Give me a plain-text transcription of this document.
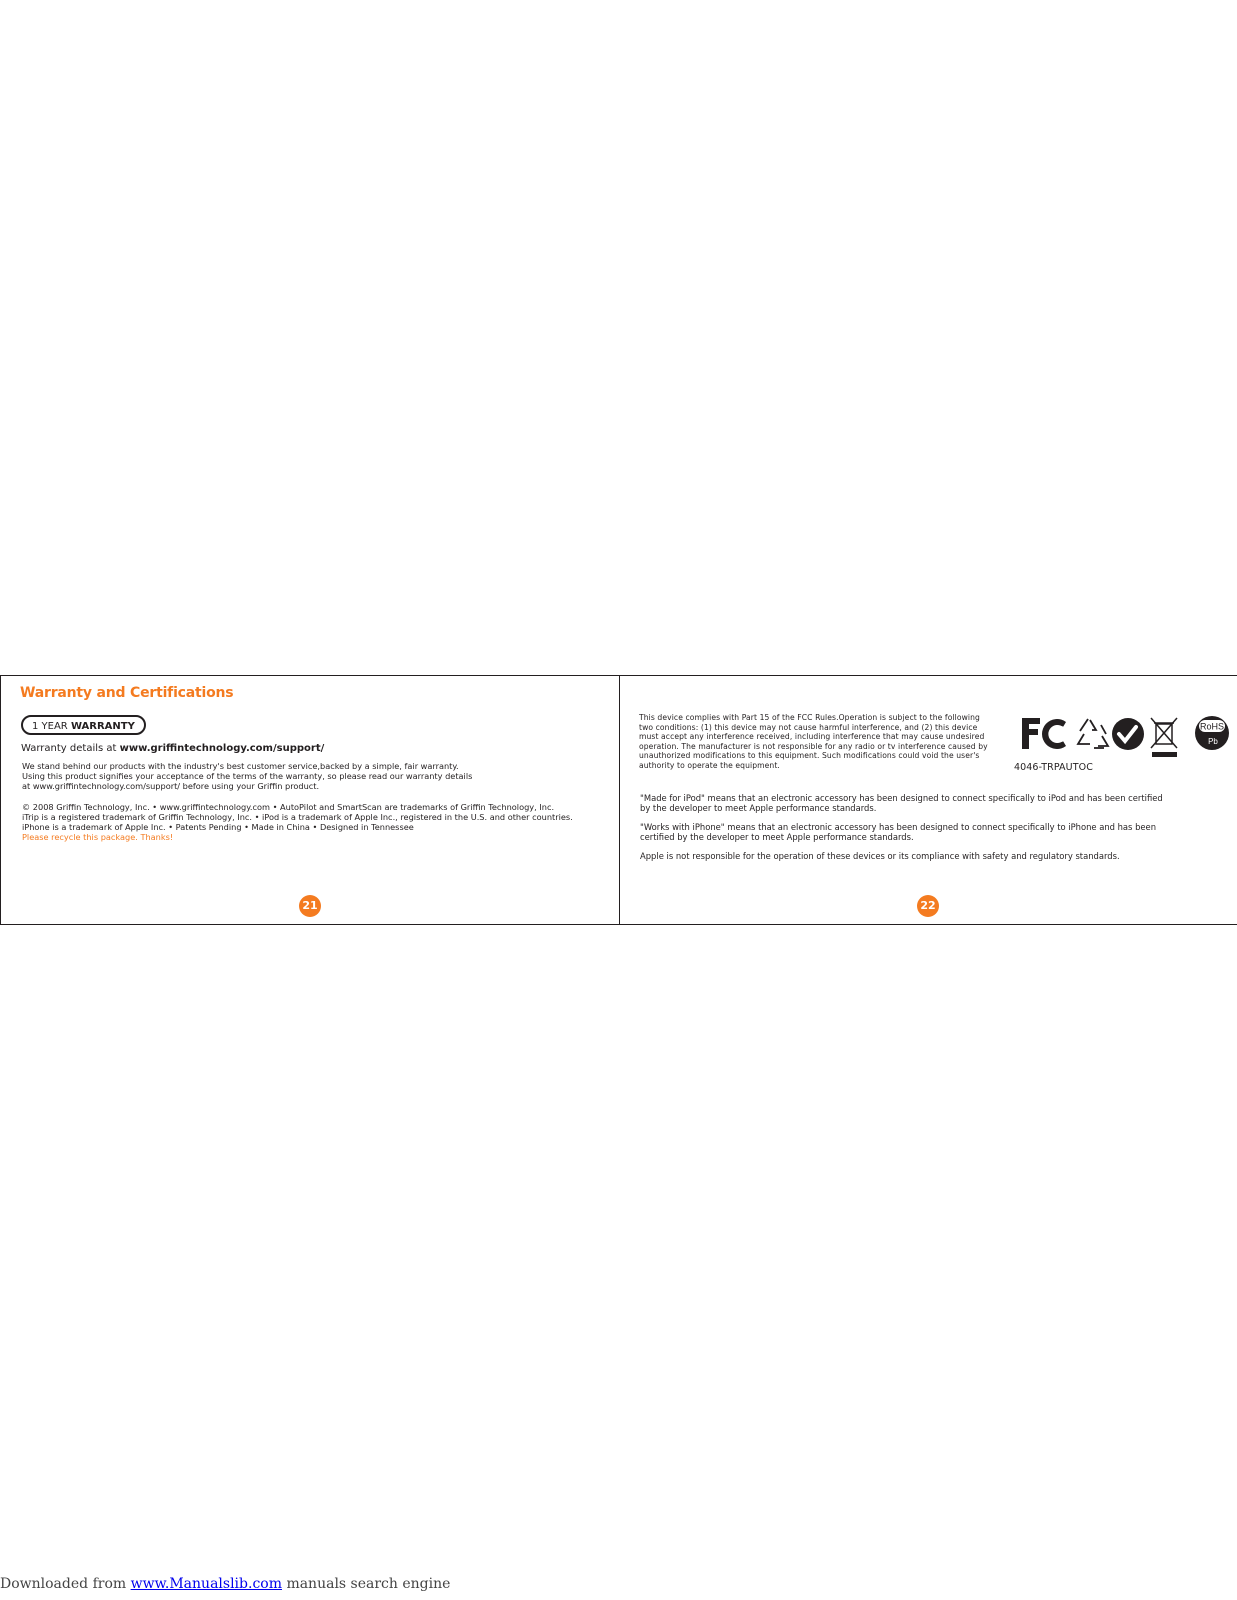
Warranty and Certifications
1 YEAR WARRANTY
Warranty details at www.griffintechnology.com/support/
We stand behind our products with the industry's best customer service,backed by a simple, fair warranty.
Using this product signifies your acceptance of the terms of the warranty, so please read our warranty details
at www.griffintechnology.com/support/ before using your Griffin product.
© 2008 Griffin Technology, Inc. • www.griffintechnology.com • AutoPilot and SmartScan are trademarks of Griffin Technology, Inc.
iTrip is a registered trademark of Griffin Technology, Inc. • iPod is a trademark of Apple Inc., registered in the U.S. and other countries.
iPhone is a trademark of Apple Inc. • Patents Pending • Made in China • Designed in Tennessee
Please recycle this package. Thanks!
21
This device complies with Part 15 of the FCC Rules.Operation is subject to the following
two conditions: (1) this device may not cause harmful interference, and (2) this device
must accept any interference received, including interference that may cause undesired
operation. The manufacturer is not responsible for any radio or tv interference caused by
unauthorized modifications to this equipment. Such modifications could void the user's
authority to operate the equipment.
RoHS
Pb
4046-TRPAUTOC
"Made for iPod" means that an electronic accessory has been designed to connect specifically to iPod and has been certified
by the developer to meet Apple performance standards.
"Works with iPhone" means that an electronic accessory has been designed to connect specifically to iPhone and has been
certified by the developer to meet Apple performance standards.
Apple is not responsible for the operation of these devices or its compliance with safety and regulatory standards.
22
Downloaded from www.Manualslib.com manuals search engine
